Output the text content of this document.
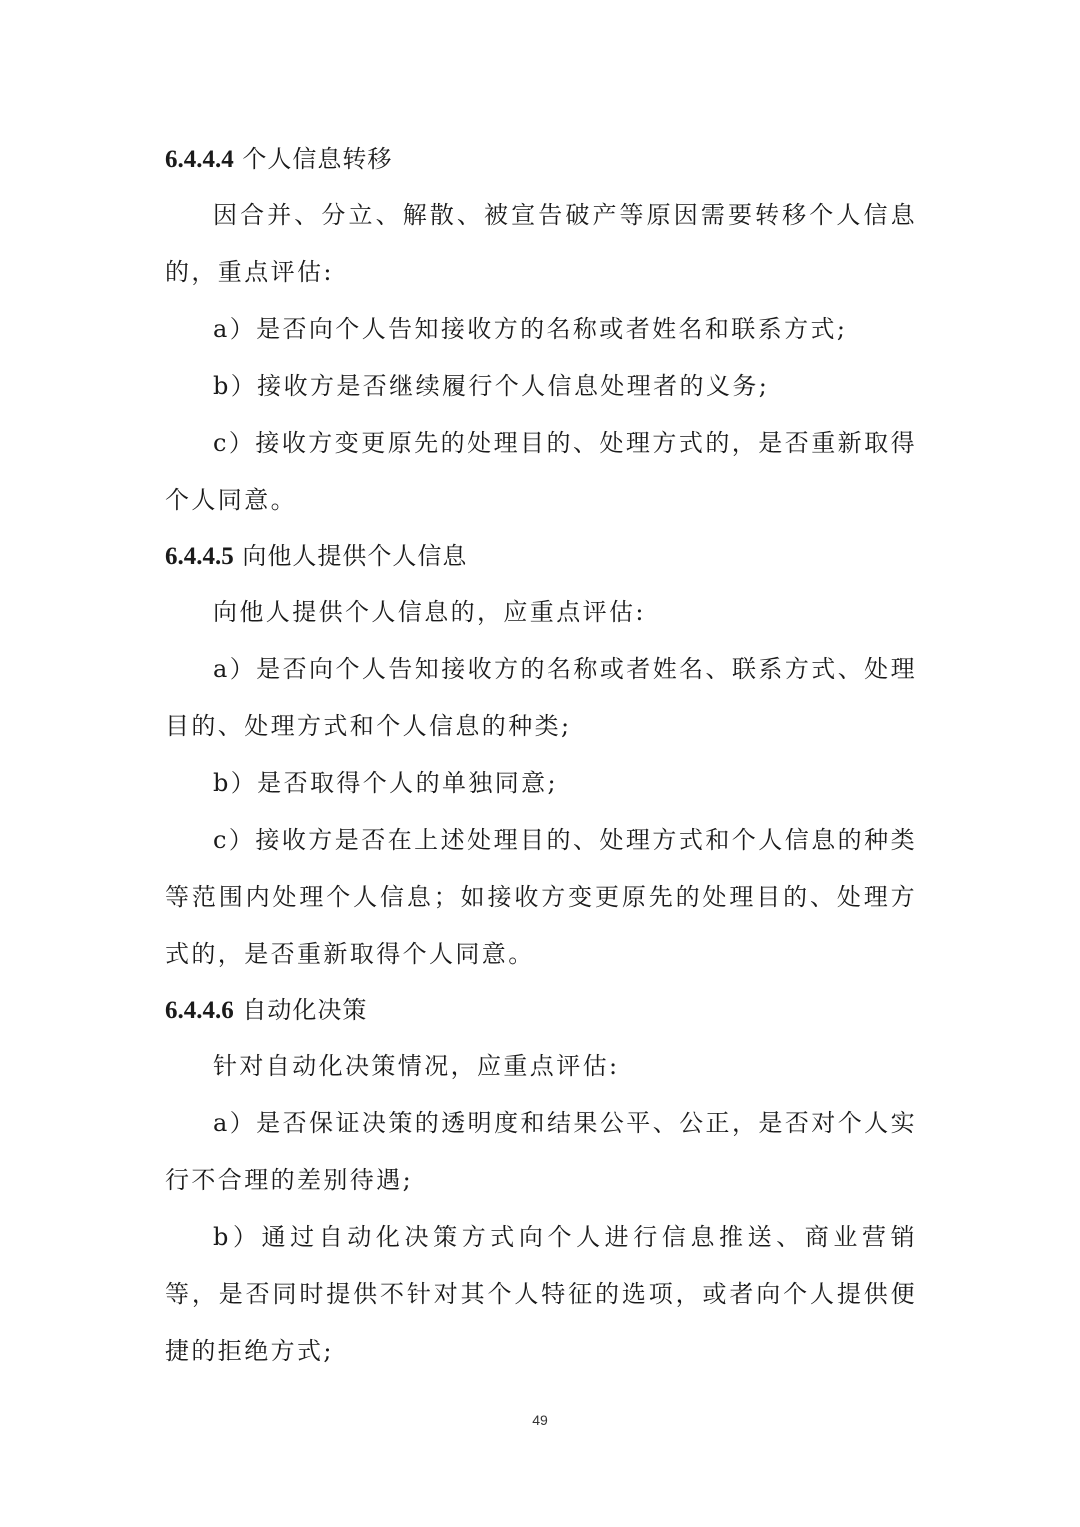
6.4.4.4 个人信息转移

因合并、分立、解散、被宣告破产等原因需要转移个人信息的，重点评估:

a）是否向个人告知接收方的名称或者姓名和联系方式;

b）接收方是否继续履行个人信息处理者的义务;

c）接收方变更原先的处理目的、处理方式的，是否重新取得个人同意。

6.4.4.5 向他人提供个人信息

向他人提供个人信息的，应重点评估:

a）是否向个人告知接收方的名称或者姓名、联系方式、处理目的、处理方式和个人信息的种类;

b）是否取得个人的单独同意;

c）接收方是否在上述处理目的、处理方式和个人信息的种类等范围内处理个人信息；如接收方变更原先的处理目的、处理方式的，是否重新取得个人同意。

6.4.4.6 自动化决策

针对自动化决策情况，应重点评估:

a）是否保证决策的透明度和结果公平、公正，是否对个人实行不合理的差别待遇;

b）通过自动化决策方式向个人进行信息推送、商业营销等，是否同时提供不针对其个人特征的选项，或者向个人提供便捷的拒绝方式;

49
